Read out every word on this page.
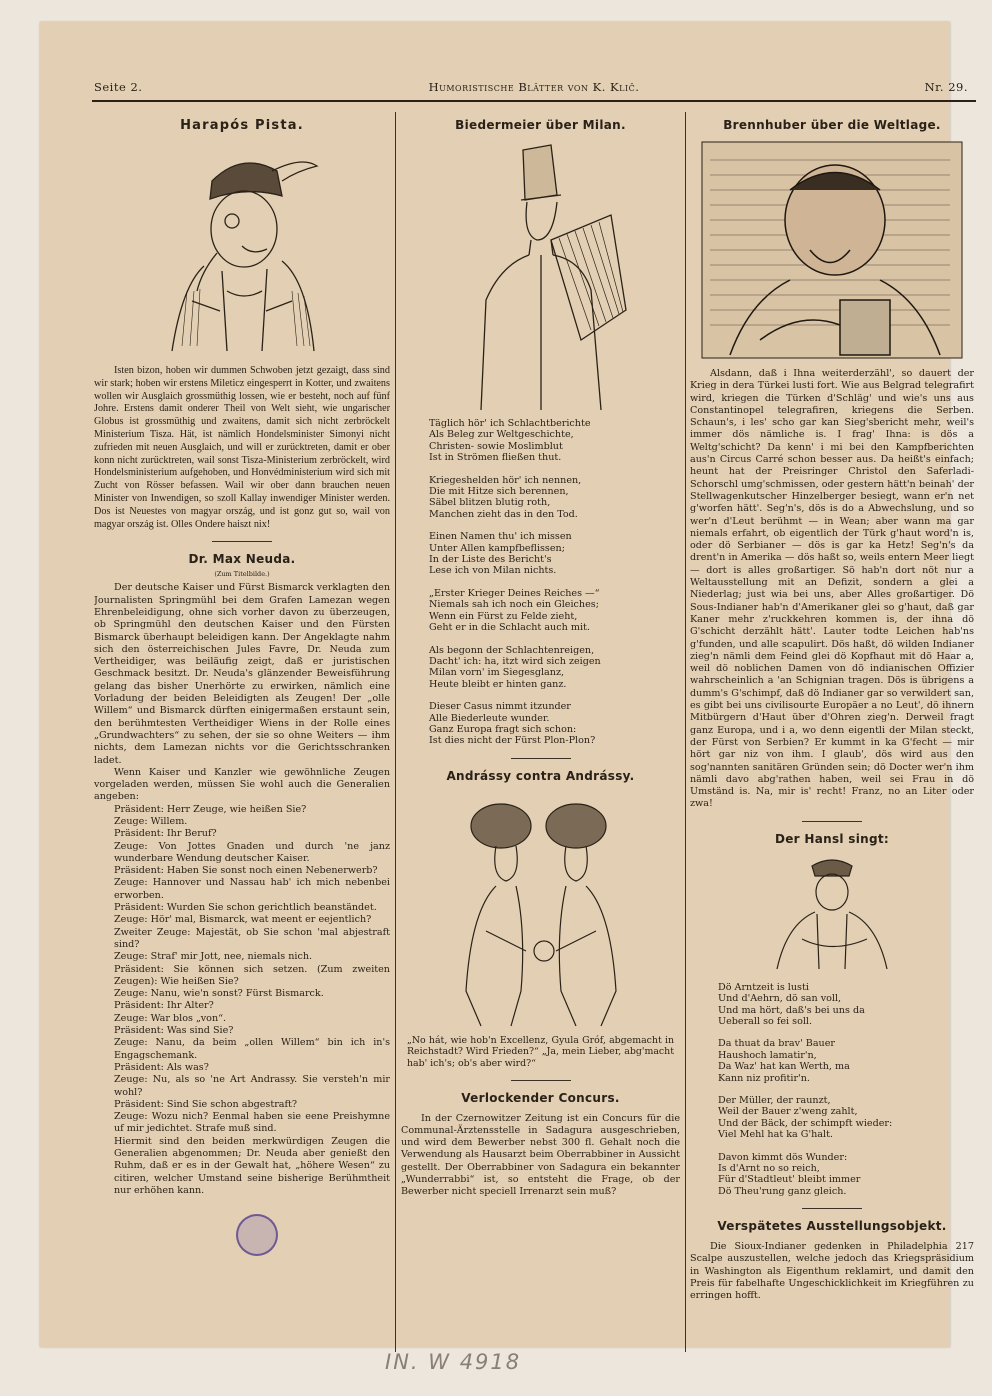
Humoristische Blätter von K. Klič.
Seite 2.	Nr. 29.
Harapós Pista.

Isten bizon, hoben wir dummen Schwoben jetzt gezaigt, dass sind wir stark; hoben wir erstens Mileticz eingesperrt in Kotter, und zwaitens wollen wir Ausglaich grossmüthig lossen, wie er besteht, noch auf fünf Johre. Erstens damit onderer Theil von Welt sieht, wie ungarischer Globus ist grossmüthig und zwaitens, damit sich nicht zerbröckelt Ministerium Tisza. Hät, ist nämlich Hondelsminister Simonyi nicht zufrieden mit neuen Ausglaich, und will er zurücktreten, damit er ober konn nicht zurücktreten, wail sonst Tisza-Ministerium zerbröckelt, wird Hondelsministerium aufgehoben, und Honvédministerium wird sich mit Zucht von Rösser befassen. Wail wir ober dann brauchen neuen Minister von Inwendigen, so szoll Kallay inwendiger Minister werden. Dos ist Neuestes von magyar ország, und ist gonz gut so, wail von magyar ország ist. Olles Ondere haiszt nix!

Dr. Max Neuda.
(Zum Titelbilde.)

Der deutsche Kaiser und Fürst Bismarck verklagten den Journalisten Springmühl bei dem Grafen Lamezan wegen Ehrenbeleidigung, ohne sich vorher davon zu überzeugen, ob Springmühl den deutschen Kaiser und den Fürsten Bismarck überhaupt beleidigen kann. Der Angeklagte nahm sich den österreichischen Jules Favre, Dr. Neuda zum Vertheidiger, was beiläufig zeigt, daß er juristischen Geschmack besitzt. Dr. Neuda's glänzender Beweisführung gelang das bisher Unerhörte zu erwirken, nämlich eine Vorladung der beiden Beleidigten als Zeugen! Der „olle Willem“ und Bismarck dürften einigermaßen erstaunt sein, den berühmtesten Vertheidiger Wiens in der Rolle eines „Grundwachters“ zu sehen, der sie so ohne Weiters — ihm nichts, dem Lamezan nichts vor die Gerichtsschranken ladet.

Wenn Kaiser und Kanzler wie gewöhnliche Zeugen vorgeladen werden, müssen Sie wohl auch die Generalien angeben:

Präsident: Herr Zeuge, wie heißen Sie?
Zeuge: Willem.
Präsident: Ihr Beruf?
Zeuge: Von Jottes Gnaden und durch 'ne janz wunderbare Wendung deutscher Kaiser.
Präsident: Haben Sie sonst noch einen Nebenerwerb?
Zeuge: Hannover und Nassau hab' ich mich nebenbei erworben.
Präsident: Wurden Sie schon gerichtlich beanständet.
Zeuge: Hör' mal, Bismarck, wat meent er eejentlich?
Zweiter Zeuge: Majestät, ob Sie schon 'mal abjestraft sind?
Zeuge: Straf' mir Jott, nee, niemals nich.
Präsident: Sie können sich setzen. (Zum zweiten Zeugen): Wie heißen Sie?
Zeuge: Nanu, wie'n sonst? Fürst Bismarck.
Präsident: Ihr Alter?
Zeuge: War blos „von“.
Präsident: Was sind Sie?
Zeuge: Nanu, da beim „ollen Willem“ bin ich in's Engagschemank.
Präsident: Als was?
Zeuge: Nu, als so 'ne Art Andrassy. Sie versteh'n mir wohl?
Präsident: Sind Sie schon abgestraft?
Zeuge: Wozu nich? Eenmal haben sie eene Preishymne uf mir jedichtet. Strafe muß sind.
Hiermit sind den beiden merkwürdigen Zeugen die Generalien abgenommen; Dr. Neuda aber genießt den Ruhm, daß er es in der Gewalt hat, „höhere Wesen“ zu citiren, welcher Umstand seine bisherige Berühmtheit nur erhöhen kann.
Biedermeier über Milan.
Täglich hör' ich Schlachtberichte
Als Beleg zur Weltgeschichte,
Christen- sowie Moslimblut
Ist in Strömen fließen thut.
Kriegeshelden hör' ich nennen,
Die mit Hitze sich berennen,
Säbel blitzen blutig roth,
Manchen zieht das in den Tod.
Einen Namen thu' ich missen
Unter Allen kampfbeflissen;
In der Liste des Bericht's
Lese ich von Milan nichts.
„Erster Krieger Deines Reiches —“
Niemals sah ich noch ein Gleiches;
Wenn ein Fürst zu Felde zieht,
Geht er in die Schlacht auch mit.
Als begonn der Schlachtenreigen,
Dacht' ich: ha, itzt wird sich zeigen
Milan vorn' im Siegesglanz,
Heute bleibt er hinten ganz.
Dieser Casus nimmt itzunder
Alle Biederleute wunder.
Ganz Europa fragt sich schon:
Ist dies nicht der Fürst Plon-Plon?
Andrássy contra Andrássy.
„No hát, wie hob'n Excellenz, Gyula Gróf, abgemacht in Reichstadt? Wird Frieden?“ „Ja, mein Lieber, abg'macht hab' ich's; ob's aber wird?“
Verlockender Concurs.

In der Czernowitzer Zeitung ist ein Concurs für die Communal-Ärztensstelle in Sadagura ausgeschrieben, und wird dem Bewerber nebst 300 fl. Gehalt noch die Verwendung als Hausarzt beim Oberrabbiner in Aussicht gestellt. Der Oberrabbiner von Sadagura ein bekannter „Wunderrabbi“ ist, so entsteht die Frage, ob der Bewerber nicht speciell Irrenarzt sein muß?

Brennhuber über die Weltlage.

Alsdann, daß i Ihna weiterderzähl', so dauert der Krieg in dera Türkei lusti fort. Wie aus Belgrad telegrafirt wird, kriegen die Türken d'Schläg' und wie's uns aus Constantinopel telegrafiren, kriegens die Serben. Schaun's, i les' scho gar kan Sieg'sbericht mehr, weil's immer dös nämliche is. I frag' Ihna: is dös a Weltg'schicht? Da kenn' i mi bei den Kampfberichten aus'n Circus Carré schon besser aus. Da heißt's einfach; heunt hat der Preisringer Christol den Saferladi-Schorschl umg'schmissen, oder gestern hätt'n beinah' der Stellwagenkutscher Hinzelberger besiegt, wann er'n net g'worfen hätt'. Seg'n's, dös is do a Abwechslung, und so wer'n d'Leut berühmt — in Wean; aber wann ma gar niemals erfahrt, ob eigentlich der Türk g'haut word'n is, oder dö Serbianer — dös is gar ka Hetz! Seg'n's da drent'n in Amerika — dös haßt so, weils entern Meer liegt — dort is alles großartiger. Sö hab'n dort nöt nur a Weltausstellung mit an Defizit, sondern a glei a Niederlag; just wia bei uns, aber Alles großartiger. Dö Sous-Indianer hab'n d'Amerikaner glei so g'haut, daß gar Kaner mehr z'ruckkehren kommen is, der ihna dö G'schicht derzählt hätt'. Lauter todte Leichen hab'ns g'funden, und alle scapulirt. Dös haßt, dö wilden Indianer zieg'n nämli dem Feind glei dö Kopfhaut mit dö Haar a, weil dö noblichen Damen von dö indianischen Offizier wahrscheinlich a 'an Schignian tragen. Dös is übrigens a dumm's G'schimpf, daß dö Indianer gar so verwildert san, es gibt bei uns civilisourte Europäer a no Leut', dö ihnern Mitbürgern d'Haut über d'Ohren zieg'n. Derweil fragt ganz Europa, und i a, wo denn eigentli der Milan steckt, der Fürst von Serbien? Er kummt in ka G'fecht — mir hört gar niz von ihm. I glaub', dös wird aus den sog'nannten sanitären Gründen sein; dö Docter wer'n ihm nämli davo abg'rathen haben, weil sei Frau in dö Umständ is. Na, mir is' recht! Franz, no an Liter oder zwa!

Der Hansl singt:
Dö Arntzeit is lusti
Und d'Aehrn, dö san voll,
Und ma hört, daß's bei uns da
Ueberall so fei soll.
Da thuat da brav' Bauer
Haushoch lamatir'n,
Da Waz' hat kan Werth, ma
Kann niz profitir'n.
Der Müller, der raunzt,
Weil der Bauer z'weng zahlt,
Und der Bäck, der schimpft wieder:
Viel Mehl hat ka G'halt.
Davon kimmt dös Wunder:
Is d'Arnt no so reich,
Für d'Stadtleut' bleibt immer
Dö Theu'rung ganz gleich.
Verspätetes Ausstellungsobjekt.

Die Sioux-Indianer gedenken in Philadelphia 217 Scalpe auszustellen, welche jedoch das Kriegspräsidium in Washington als Eigenthum reklamirt, und damit den Preis für fabelhafte Ungeschicklichkeit im Kriegführen zu erringen hofft.

IN. W 4918
